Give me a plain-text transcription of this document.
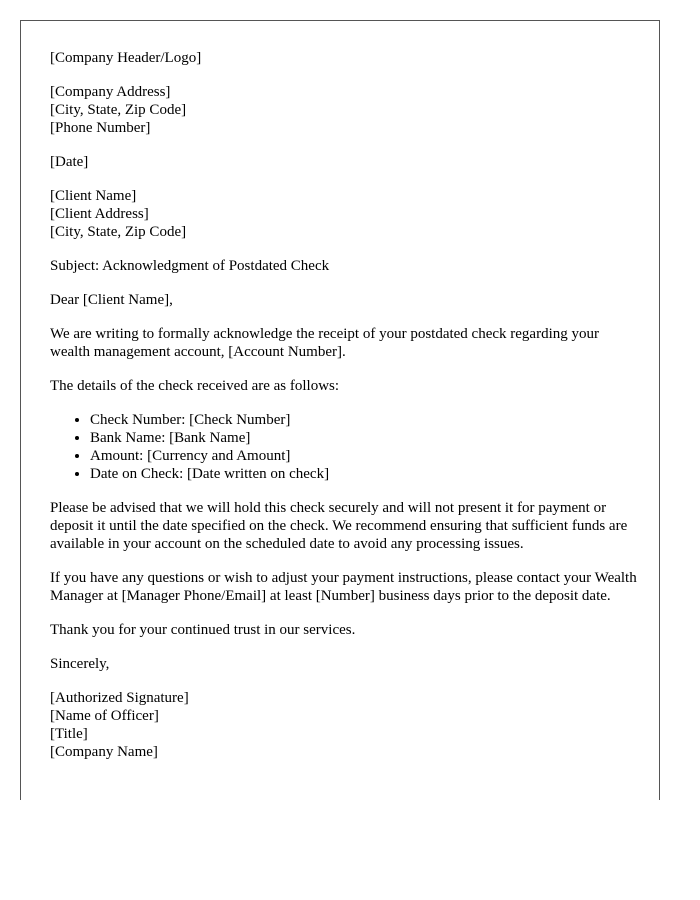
[Company Header/Logo]
[Company Address]
[City, State, Zip Code]
[Phone Number]
[Date]
[Client Name]
[Client Address]
[City, State, Zip Code]

Subject: Acknowledgment of Postdated Check

Dear [Client Name],

We are writing to formally acknowledge the receipt of your postdated check regarding your wealth management account, [Account Number].

The details of the check received are as follows:

• Check Number: [Check Number]
• Bank Name: [Bank Name]
• Amount: [Currency and Amount]
• Date on Check: [Date written on check]

Please be advised that we will hold this check securely and will not present it for payment or deposit it until the date specified on the check. We recommend ensuring that sufficient funds are available in your account on the scheduled date to avoid any processing issues.

If you have any questions or wish to adjust your payment instructions, please contact your Wealth Manager at [Manager Phone/Email] at least [Number] business days prior to the deposit date.

Thank you for your continued trust in our services.

Sincerely,

[Authorized Signature]
[Name of Officer]
[Title]
[Company Name]
